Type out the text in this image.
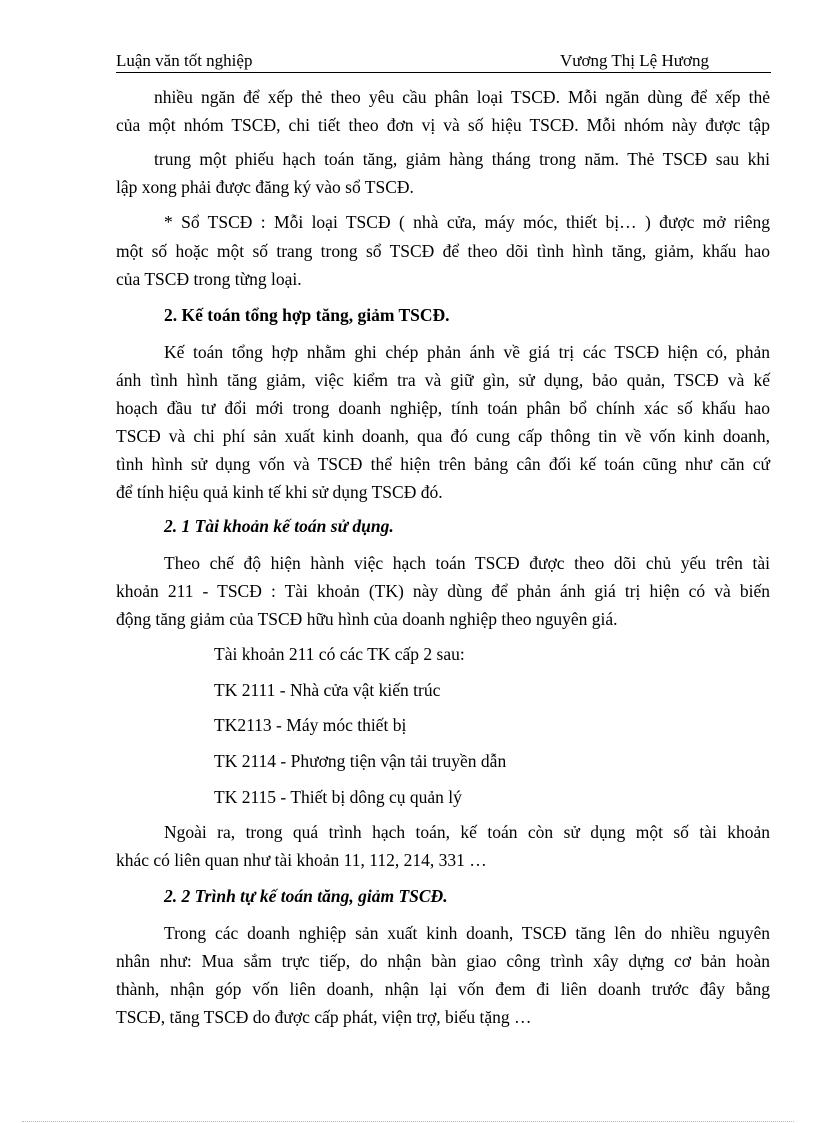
Luận văn tốt nghiệp	Vương Thị Lệ Hương
nhiều ngăn để xếp thẻ theo yêu cầu phân loại TSCĐ. Mỗi ngăn dùng để xếp thẻ
của một nhóm TSCĐ, chi tiết theo đơn vị và số hiệu TSCĐ. Mỗi nhóm này được tập
trung một phiếu hạch toán tăng, giảm hàng tháng trong năm. Thẻ TSCĐ sau khi
lập xong phải được đăng ký vào sổ TSCĐ.
* Sổ TSCĐ : Mỗi loại TSCĐ ( nhà cửa, máy móc, thiết bị… ) được mở riêng
một số hoặc một số trang trong sổ TSCĐ để theo dõi tình hình tăng, giảm, khấu hao
của TSCĐ trong từng loại.
2. Kế toán tổng hợp tăng, giảm TSCĐ.
Kế toán tổng hợp nhằm ghi chép phản ánh về giá trị các TSCĐ hiện có, phản
ánh tình hình tăng giảm, việc kiểm tra và giữ gìn, sử dụng, bảo quản, TSCĐ và kế
hoạch đầu tư đổi mới trong doanh nghiệp, tính toán phân bổ chính xác số khấu hao
TSCĐ và chi phí sản xuất kinh doanh, qua đó cung cấp thông tin về vốn kinh doanh,
tình hình sử dụng vốn và TSCĐ thể hiện trên bảng cân đối kế toán cũng như căn cứ
để tính hiệu quả kinh tế khi sử dụng TSCĐ đó.
2. 1 Tài khoản kế toán sử dụng.
Theo chế độ hiện hành việc hạch toán TSCĐ được theo dõi chủ yếu trên tài
khoản 211 - TSCĐ : Tài khoản (TK) này dùng để phản ánh giá trị hiện có và biến
động tăng giảm của TSCĐ hữu hình của doanh nghiệp theo nguyên giá.
Tài khoản 211 có các TK cấp 2 sau:
TK 2111 - Nhà cửa vật kiến trúc
TK2113 - Máy móc thiết bị
TK 2114 - Phương tiện vận tải truyền dẫn
TK 2115 - Thiết bị dông cụ quản lý
Ngoài ra, trong quá trình hạch toán, kế toán còn sử dụng một số tài khoản
khác có liên quan như tài khoản 11, 112, 214, 331 …
2. 2 Trình tự kế toán tăng, giảm TSCĐ.
Trong các doanh nghiệp sản xuất kinh doanh, TSCĐ tăng lên do nhiều nguyên
nhân như: Mua sắm trực tiếp, do nhận bàn giao công trình xây dựng cơ bản hoàn
thành, nhận góp vốn liên doanh, nhận lại vốn đem đi liên doanh trước đây bằng
TSCĐ, tăng TSCĐ do được cấp phát, viện trợ, biếu tặng …
